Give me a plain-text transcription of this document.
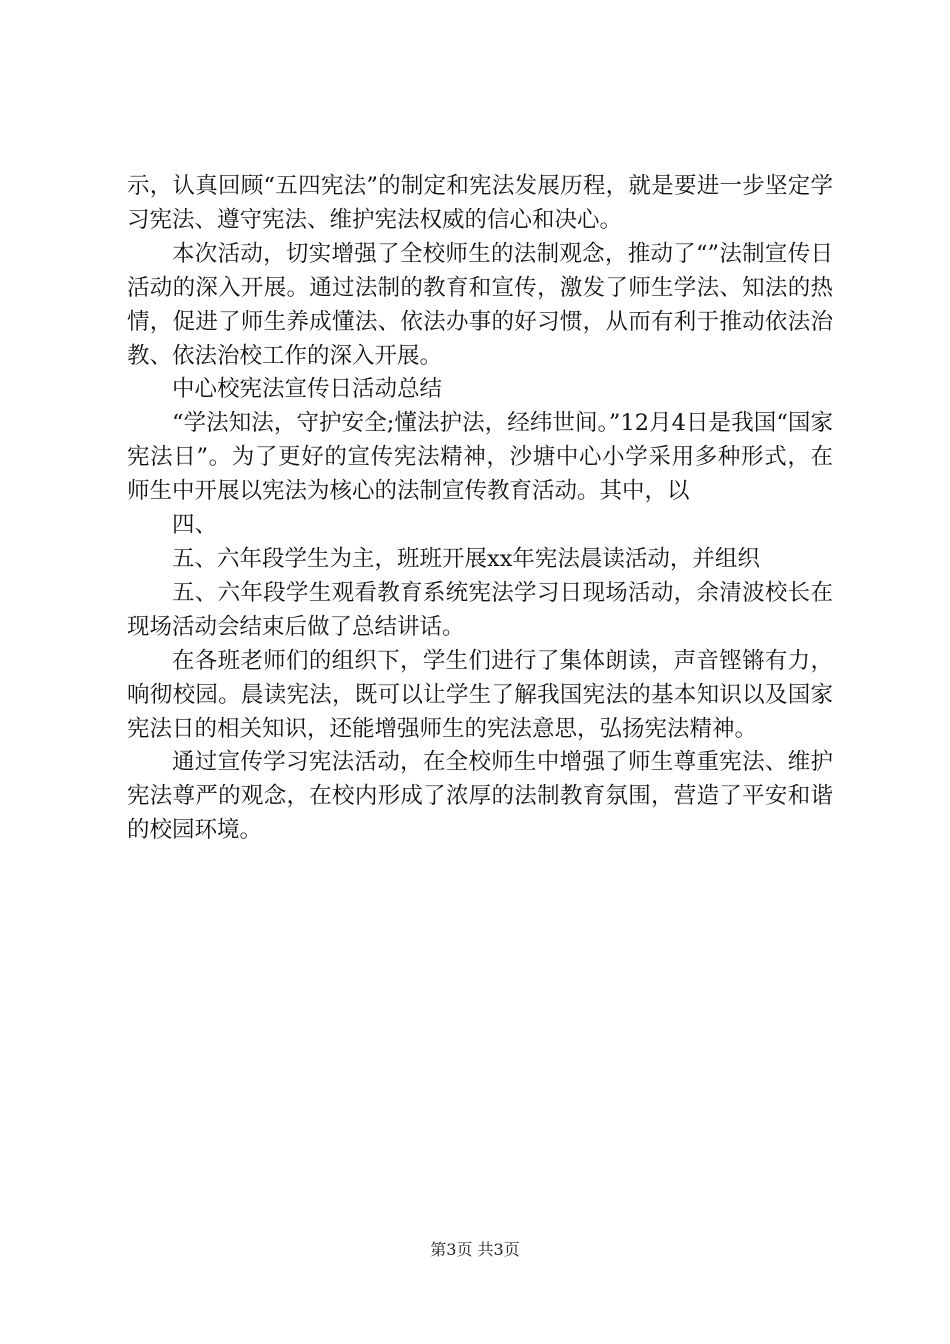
示，认真回顾“五四宪法”的制定和宪法发展历程，就是要进一步坚定学习宪法、遵守宪法、维护宪法权威的信心和决心。

本次活动，切实增强了全校师生的法制观念，推动了“”法制宣传日活动的深入开展。通过法制的教育和宣传，激发了师生学法、知法的热情，促进了师生养成懂法、依法办事的好习惯，从而有利于推动依法治教、依法治校工作的深入开展。

中心校宪法宣传日活动总结

“学法知法，守护安全;懂法护法，经纬世间。”12月4日是我国“国家宪法日”。为了更好的宣传宪法精神，沙塘中心小学采用多种形式，在师生中开展以宪法为核心的法制宣传教育活动。其中，以

四、

五、六年段学生为主，班班开展xx年宪法晨读活动，并组织

五、六年段学生观看教育系统宪法学习日现场活动，余清波校长在现场活动会结束后做了总结讲话。

在各班老师们的组织下，学生们进行了集体朗读，声音铿锵有力，响彻校园。晨读宪法，既可以让学生了解我国宪法的基本知识以及国家宪法日的相关知识，还能增强师生的宪法意思，弘扬宪法精神。

通过宣传学习宪法活动，在全校师生中增强了师生尊重宪法、维护宪法尊严的观念，在校内形成了浓厚的法制教育氛围，营造了平安和谐的校园环境。

第3页 共3页
